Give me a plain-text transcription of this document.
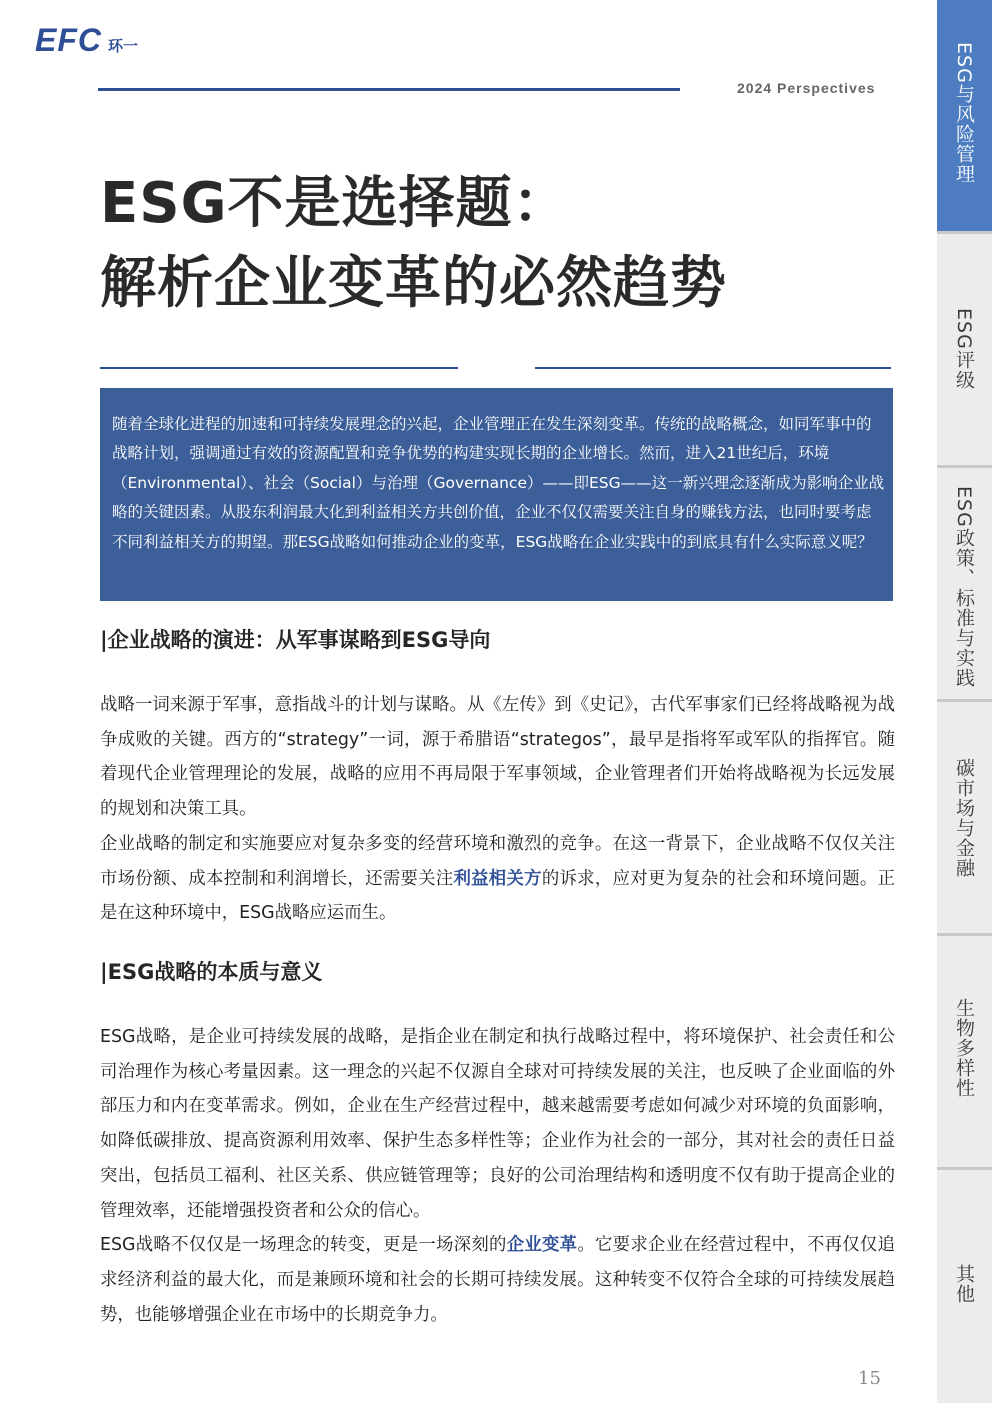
EFC 环一
2024 Perspectives
ESG不是选择题：
解析企业变革的必然趋势

随着全球化进程的加速和可持续发展理念的兴起，企业管理正在发生深刻变革。传统的战略概念，如同军事中的战略计划，强调通过有效的资源配置和竞争优势的构建实现长期的企业增长。然而，进入21世纪后，环境（Environmental）、社会（Social）与治理（Governance）——即ESG——这一新兴理念逐渐成为影响企业战略的关键因素。从股东利润最大化到利益相关方共创价值，企业不仅仅需要关注自身的赚钱方法，也同时要考虑不同利益相关方的期望。那ESG战略如何推动企业的变革，ESG战略在企业实践中的到底具有什么实际意义呢？

|企业战略的演进：从军事谋略到ESG导向

战略一词来源于军事，意指战斗的计划与谋略。从《左传》到《史记》，古代军事家们已经将战略视为战争成败的关键。西方的“strategy”一词，源于希腊语“strategos”，最早是指将军或军队的指挥官。随着现代企业管理理论的发展，战略的应用不再局限于军事领域，企业管理者们开始将战略视为长远发展的规划和决策工具。

企业战略的制定和实施要应对复杂多变的经营环境和激烈的竞争。在这一背景下，企业战略不仅仅关注市场份额、成本控制和利润增长，还需要关注利益相关方的诉求，应对更为复杂的社会和环境问题。正是在这种环境中，ESG战略应运而生。

|ESG战略的本质与意义

ESG战略，是企业可持续发展的战略，是指企业在制定和执行战略过程中，将环境保护、社会责任和公司治理作为核心考量因素。这一理念的兴起不仅源自全球对可持续发展的关注，也反映了企业面临的外部压力和内在变革需求。例如，企业在生产经营过程中，越来越需要考虑如何减少对环境的负面影响，如降低碳排放、提高资源利用效率、保护生态多样性等；企业作为社会的一部分，其对社会的责任日益突出，包括员工福利、社区关系、供应链管理等；良好的公司治理结构和透明度不仅有助于提高企业的管理效率，还能增强投资者和公众的信心。

ESG战略不仅仅是一场理念的转变，更是一场深刻的企业变革。它要求企业在经营过程中，不再仅仅追求经济利益的最大化，而是兼顾环境和社会的长期可持续发展。这种转变不仅符合全球的可持续发展趋势，也能够增强企业在市场中的长期竞争力。

15
ESG与风险管理
ESG评级
ESG政策、标准与实践
碳市场与金融
生物多样性
其他
